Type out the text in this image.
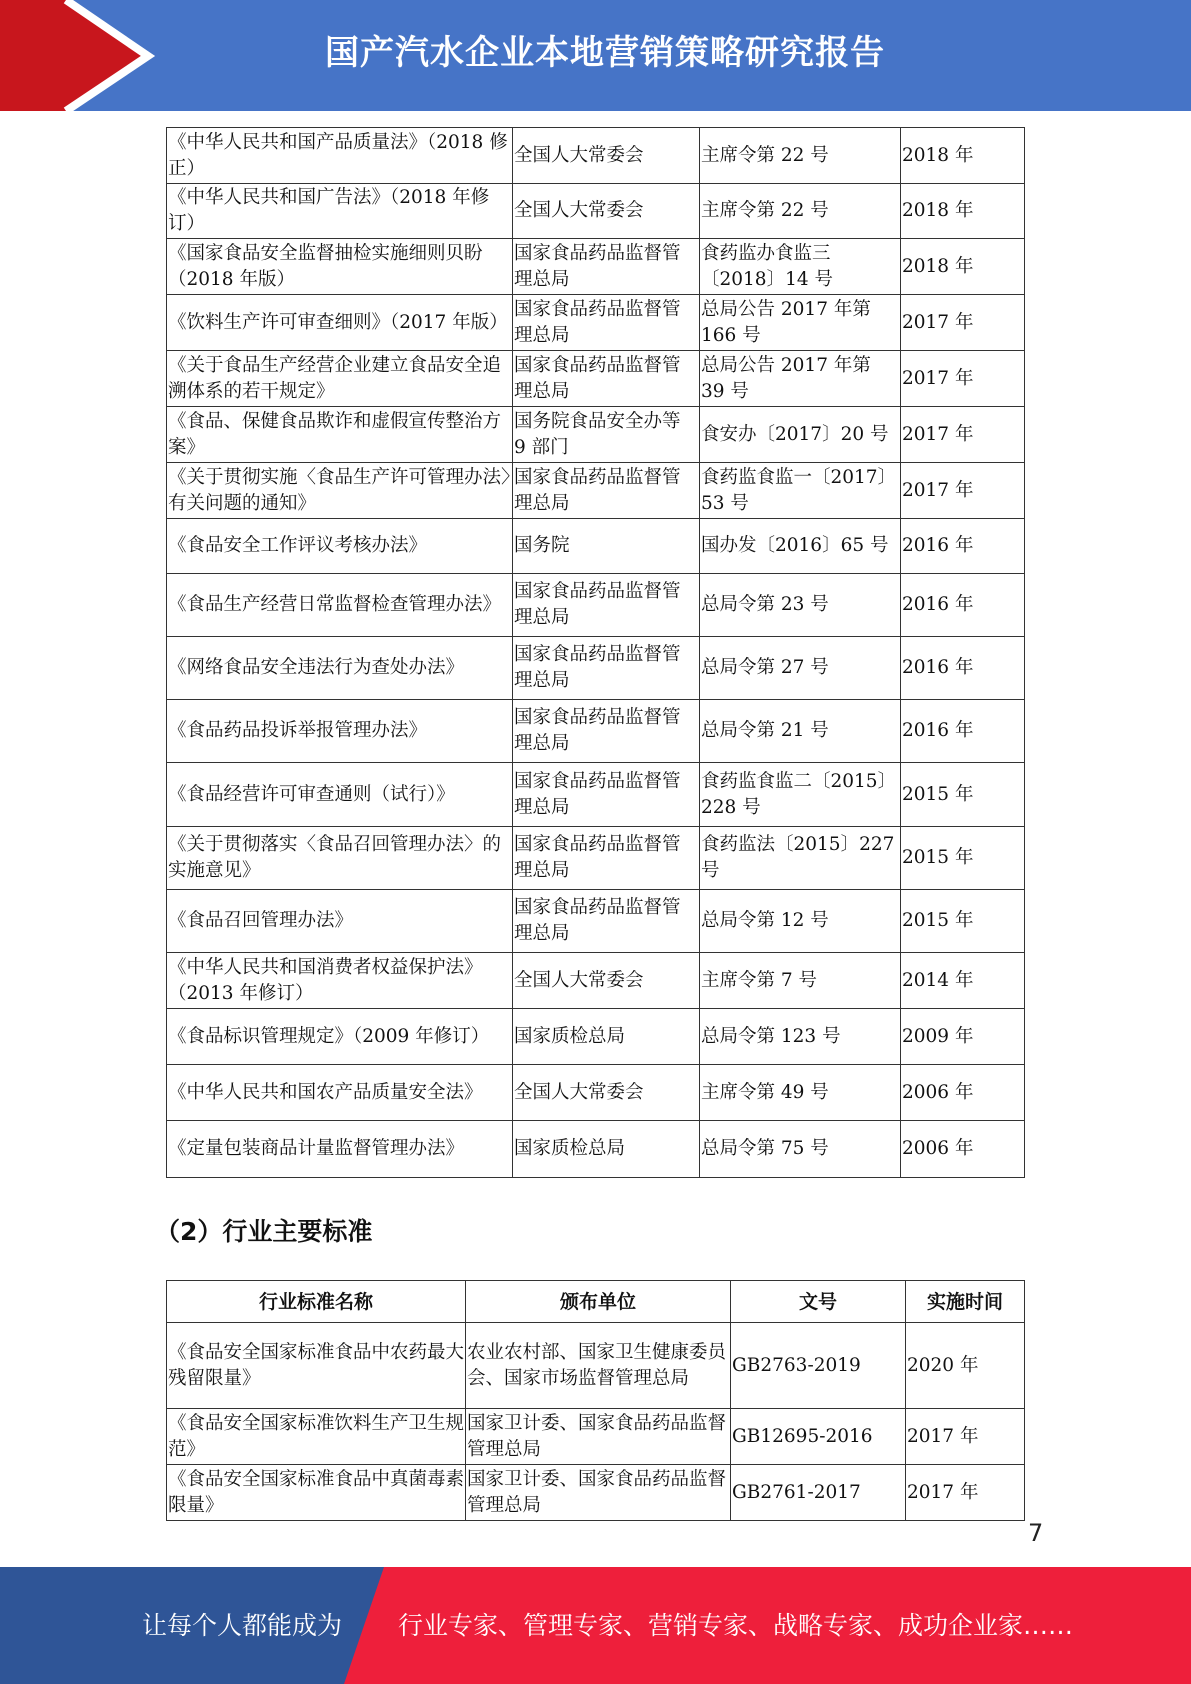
国产汽水企业本地营销策略研究报告
《中华人民共和国产品质量法》（2018 修正）	全国人大常委会	主席令第 22 号	2018 年
《中华人民共和国广告法》（2018 年修订）	全国人大常委会	主席令第 22 号	2018 年
《国家食品安全监督抽检实施细则贝盼（2018 年版）	国家食品药品监督管理总局	食药监办食监三〔2018〕14 号	2018 年
《饮料生产许可审查细则》（2017 年版）	国家食品药品监督管理总局	总局公告 2017 年第 166 号	2017 年
《关于食品生产经营企业建立食品安全追溯体系的若干规定》	国家食品药品监督管理总局	总局公告 2017 年第 39 号	2017 年
《食品、保健食品欺诈和虚假宣传整治方案》	国务院食品安全办等 9 部门	食安办〔2017〕20 号	2017 年
《关于贯彻实施〈食品生产许可管理办法〉有关问题的通知》	国家食品药品监督管理总局	食药监食监一〔2017〕53 号	2017 年
《食品安全工作评议考核办法》	国务院	国办发〔2016〕65 号	2016 年
《食品生产经营日常监督检查管理办法》	国家食品药品监督管理总局	总局令第 23 号	2016 年
《网络食品安全违法行为查处办法》	国家食品药品监督管理总局	总局令第 27 号	2016 年
《食品药品投诉举报管理办法》	国家食品药品监督管理总局	总局令第 21 号	2016 年
《食品经营许可审查通则（试行）》	国家食品药品监督管理总局	食药监食监二〔2015〕228 号	2015 年
《关于贯彻落实〈食品召回管理办法〉的实施意见》	国家食品药品监督管理总局	食药监法〔2015〕227 号	2015 年
《食品召回管理办法》	国家食品药品监督管理总局	总局令第 12 号	2015 年
《中华人民共和国消费者权益保护法》（2013 年修订）	全国人大常委会	主席令第 7 号	2014 年
《食品标识管理规定》（2009 年修订）	国家质检总局	总局令第 123 号	2009 年
《中华人民共和国农产品质量安全法》	全国人大常委会	主席令第 49 号	2006 年
《定量包装商品计量监督管理办法》	国家质检总局	总局令第 75 号	2006 年
（2）行业主要标准
行业标准名称	颁布单位	文号	实施时间
《食品安全国家标准食品中农药最大残留限量》	农业农村部、国家卫生健康委员会、国家市场监督管理总局	GB2763-2019	2020 年
《食品安全国家标准饮料生产卫生规范》	国家卫计委、国家食品药品监督管理总局	GB12695-2016	2017 年
《食品安全国家标准食品中真菌毒素限量》	国家卫计委、国家食品药品监督管理总局	GB2761-2017	2017 年
7
让每个人都能成为 行业专家、管理专家、营销专家、战略专家、成功企业家……
